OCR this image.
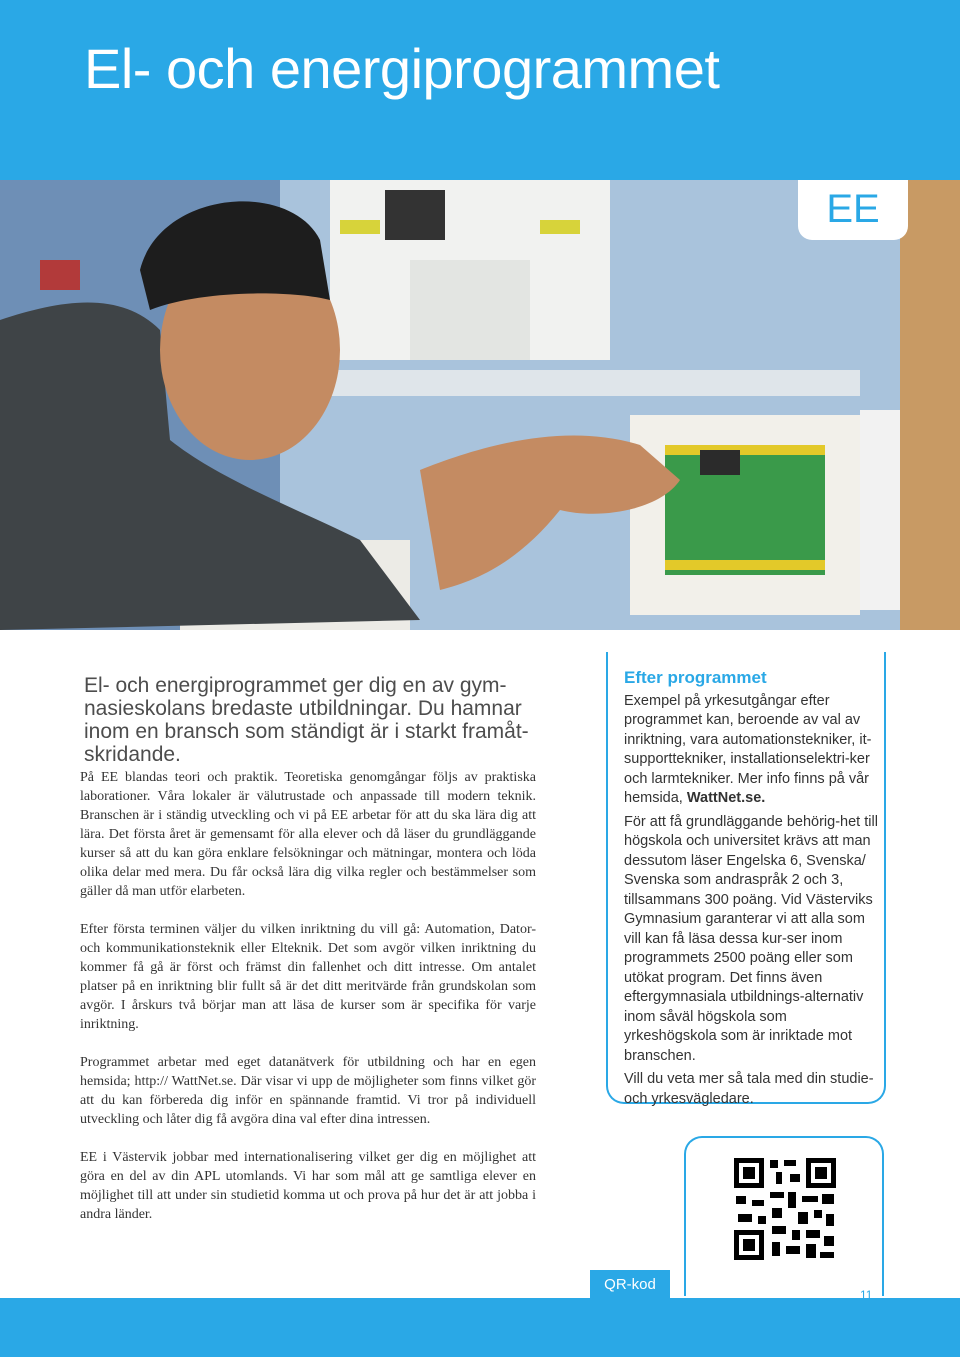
El- och energiprogrammet
EE

El- och energiprogrammet ger dig en av gym-

nasieskolans bredaste utbildningar. Du hamnar

inom en bransch som ständigt är i starkt framåt-

skridande.

På EE blandas teori och praktik. Teoretiska genomgångar följs av praktiska laborationer. Våra lokaler är välutrustade och anpassade till modern teknik. Branschen är i ständig utveckling och vi på EE arbetar för att du ska lära dig att lära. Det första året är gemensamt för alla elever och då läser du grundläggande kurser så att du kan göra enklare felsökningar och mätningar, montera och löda olika delar med mera. Du får också lära dig vilka regler och bestämmelser som gäller då man utför elarbeten.

Efter första terminen väljer du vilken inriktning du vill gå: Automation, Dator- och kommunikationsteknik eller Elteknik. Det som avgör vilken inriktning du kommer få gå är först och främst din fallenhet och ditt intresse. Om antalet platser på en inriktning blir fullt så är det ditt meritvärde från grundskolan som avgör. I årskurs två börjar man att läsa de kurser som är specifika för varje inriktning.

Programmet arbetar med eget datanätverk för utbildning och har en egen hemsida; http:// WattNet.se. Där visar vi upp de möjligheter som finns vilket gör att du kan förbereda dig inför en spännande framtid. Vi tror på individuell utveckling och låter dig få avgöra dina val efter dina intressen.

EE i Västervik jobbar med internationalisering vilket ger dig en möjlighet att göra en del av din APL utomlands. Vi har som mål att ge samtliga elever en möjlighet till att under sin studietid komma ut och prova på hur det är att jobba i andra länder.

Efter programmet

Exempel på yrkesutgångar efter programmet kan, beroende av val av inriktning, vara automationstekniker, it-supporttekniker, installationselektri-ker och larmtekniker. Mer info finns på vår hemsida, WattNet.se.

För att få grundläggande behörig-het till högskola och universitet krävs att man dessutom läser Engelska 6, Svenska/ Svenska som andraspråk 2 och 3, tillsammans 300 poäng. Vid Västerviks Gymnasium garanterar vi att alla som vill kan få läsa dessa kur-ser inom programmets 2500 poäng eller som utökat program. Det finns även eftergymnasiala utbildnings-alternativ inom såväl högskola som yrkeshögskola som är inriktade mot branschen.

Vill du veta mer så tala med din studie- och yrkesvägledare.

QR-kod
11
